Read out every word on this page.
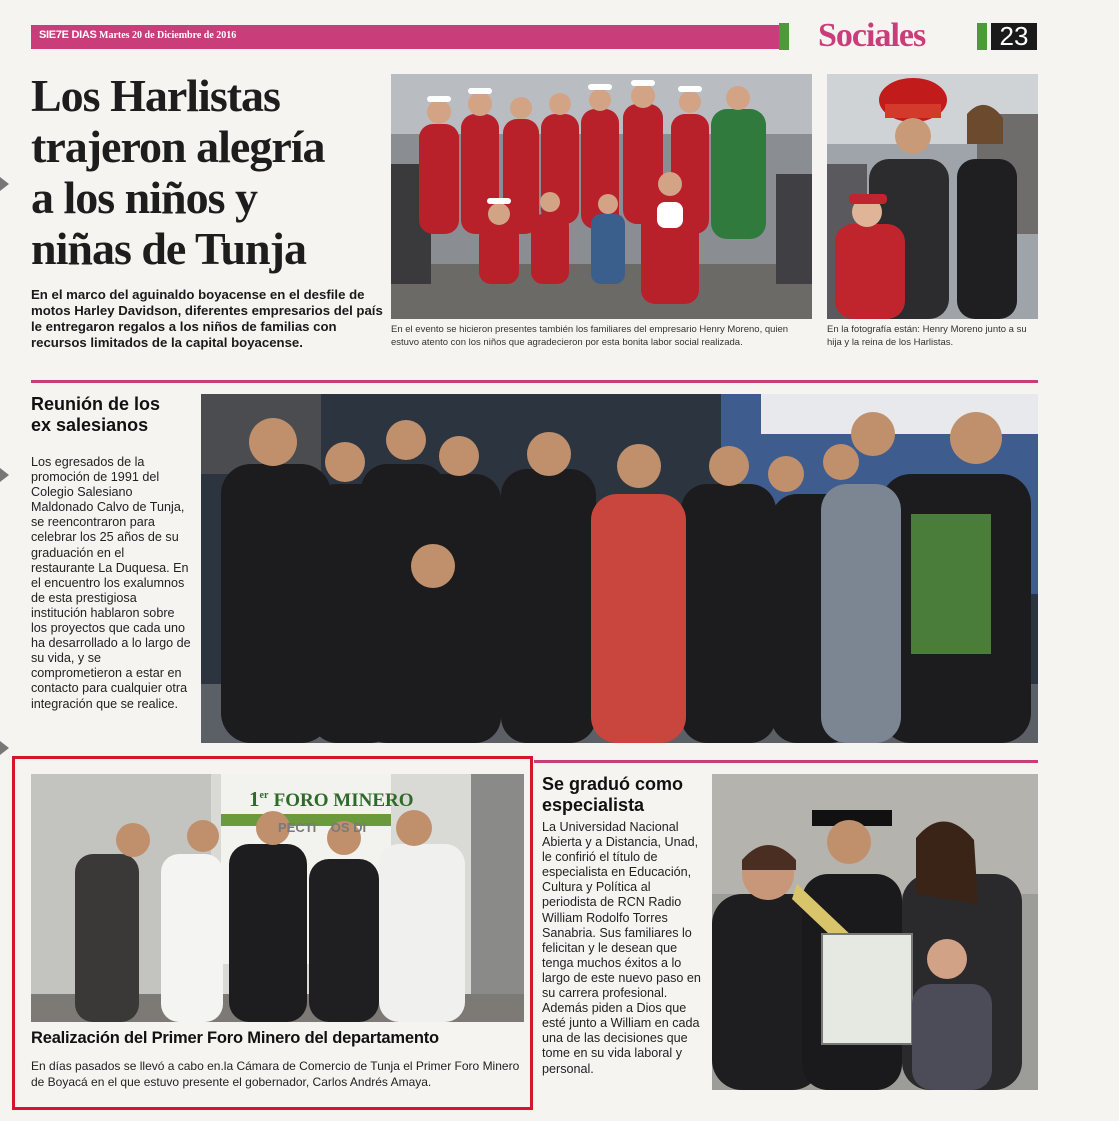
SIE7E DIAS Martes 20 de Diciembre de 2016	Sociales	23
Los Harlistas
trajeron alegría
a los niños y
niñas de Tunja
En el marco del aguinaldo boyacense en el desfile de motos Harley Davidson, diferentes empresarios del país le entregaron regalos a los niños de familias con recursos limitados de la capital boyacense.
En el evento se hicieron presentes también los familiares del empresario Henry Moreno, quien estuvo atento con los niños que agradecieron por esta bonita labor social realizada.
En la fotografía están: Henry Moreno junto a su hija y la reina de los Harlistas.
Reunión de los
ex salesianos
Los egresados de la promoción de 1991 del Colegio Salesiano Maldonado Calvo de Tunja, se reencontraron para celebrar los 25 años de su graduación en el restaurante La Duquesa. En el encuentro los exalumnos de esta prestigiosa institución hablaron sobre los proyectos que cada uno ha desarrollado a lo largo de su vida, y se comprometieron a estar en contacto para cualquier otra integración que se realice.
1er FORO MINERO
PECTI    OS DI
Realización del Primer Foro Minero del departamento
En días pasados se llevó a cabo en.la Cámara de Comercio de Tunja el Primer Foro Minero de Boyacá en el que estuvo presente el gobernador, Carlos Andrés Amaya.
Se graduó como
especialista
La Universidad Nacional Abierta y a Distancia, Unad, le confirió el título de especialista en Educación, Cultura y Política al periodista de RCN Radio William Rodolfo Torres Sanabria. Sus familiares lo felicitan y le desean que tenga muchos éxitos a lo largo de este nuevo paso en su carrera profesional. Además piden a Dios que esté junto a William en cada una de las decisiones que tome en su vida laboral y personal.
